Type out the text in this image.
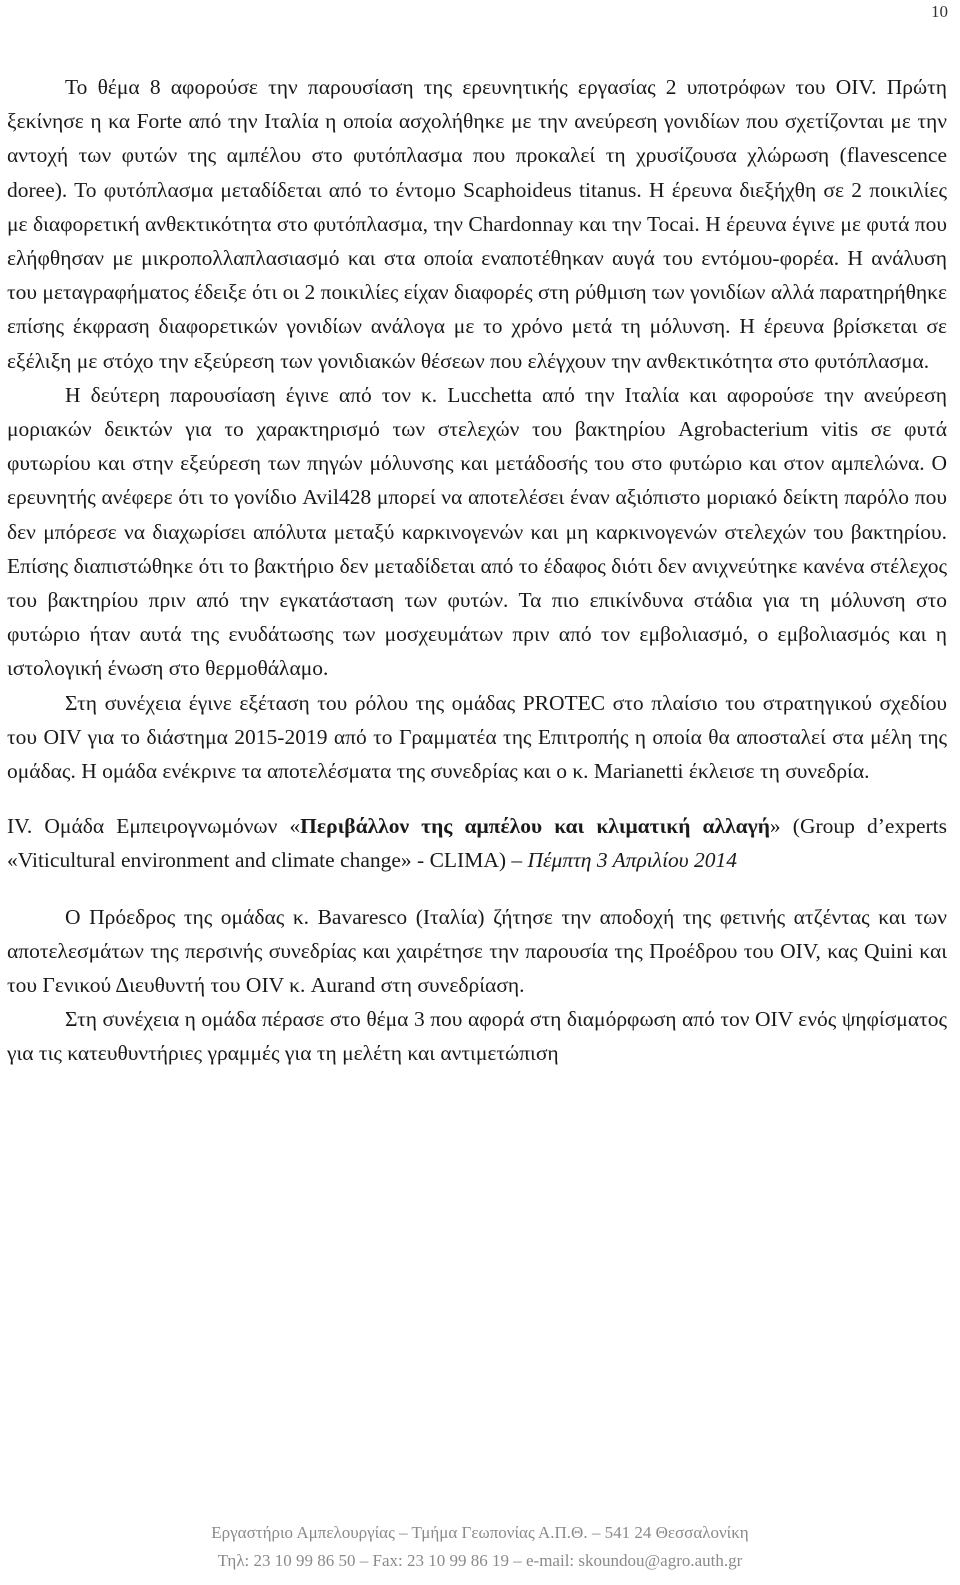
10

Το θέμα 8 αφορούσε την παρουσίαση της ερευνητικής εργασίας 2 υποτρόφων του OIV. Πρώτη ξεκίνησε η κα Forte από την Ιταλία η οποία ασχολήθηκε με την ανεύρεση γονιδίων που σχετίζονται με την αντοχή των φυτών της αμπέλου στο φυτόπλασμα που προκαλεί τη χρυσίζουσα χλώρωση (flavescence doree). Το φυτόπλασμα μεταδίδεται από το έντομο Scaphoideus titanus. Η έρευνα διεξήχθη σε 2 ποικιλίες με διαφορετική ανθεκτικότητα στο φυτόπλασμα, την Chardonnay και την Tocai. Η έρευνα έγινε με φυτά που ελήφθησαν με μικροπολλαπλασιασμό και στα οποία εναποτέθηκαν αυγά του εντόμου-φορέα. Η ανάλυση του μεταγραφήματος έδειξε ότι οι 2 ποικιλίες είχαν διαφορές στη ρύθμιση των γονιδίων αλλά παρατηρήθηκε επίσης έκφραση διαφορετικών γονιδίων ανάλογα με το χρόνο μετά τη μόλυνση. Η έρευνα βρίσκεται σε εξέλιξη με στόχο την εξεύρεση των γονιδιακών θέσεων που ελέγχουν την ανθεκτικότητα στο φυτόπλασμα.

Η δεύτερη παρουσίαση έγινε από τον κ. Lucchetta από την Ιταλία και αφορούσε την ανεύρεση μοριακών δεικτών για το χαρακτηρισμό των στελεχών του βακτηρίου Agrobacterium vitis σε φυτά φυτωρίου και στην εξεύρεση των πηγών μόλυνσης και μετάδοσής του στο φυτώριο και στον αμπελώνα. Ο ερευνητής ανέφερε ότι το γονίδιο Avil428 μπορεί να αποτελέσει έναν αξιόπιστο μοριακό δείκτη παρόλο που δεν μπόρεσε να διαχωρίσει απόλυτα μεταξύ καρκινογενών και μη καρκινογενών στελεχών του βακτηρίου. Επίσης διαπιστώθηκε ότι το βακτήριο δεν μεταδίδεται από το έδαφος διότι δεν ανιχνεύτηκε κανένα στέλεχος του βακτηρίου πριν από την εγκατάσταση των φυτών. Τα πιο επικίνδυνα στάδια για τη μόλυνση στο φυτώριο ήταν αυτά της ενυδάτωσης των μοσχευμάτων πριν από τον εμβολιασμό, ο εμβολιασμός και η ιστολογική ένωση στο θερμοθάλαμο.

Στη συνέχεια έγινε εξέταση του ρόλου της ομάδας PROTEC στο πλαίσιο του στρατηγικού σχεδίου του OIV για το διάστημα 2015-2019 από το Γραμματέα της Επιτροπής η οποία θα αποσταλεί στα μέλη της ομάδας. Η ομάδα ενέκρινε τα αποτελέσματα της συνεδρίας και ο κ. Marianetti έκλεισε τη συνεδρία.

IV. Ομάδα Εμπειρογνωμόνων «Περιβάλλον της αμπέλου και κλιματική αλλαγή» (Group d’experts «Viticultural environment and climate change» - CLIMA) – Πέμπτη 3 Απριλίου 2014

Ο Πρόεδρος της ομάδας κ. Bavaresco (Ιταλία) ζήτησε την αποδοχή της φετινής ατζέντας και των αποτελεσμάτων της περσινής συνεδρίας και χαιρέτησε την παρουσία της Προέδρου του OIV, κας Quini και του Γενικού Διευθυντή του OIV κ. Aurand στη συνεδρίαση.

Στη συνέχεια η ομάδα πέρασε στο θέμα 3 που αφορά στη διαμόρφωση από τον OIV ενός ψηφίσματος για τις κατευθυντήριες γραμμές για τη μελέτη και αντιμετώπιση

Εργαστήριο Αμπελουργίας – Τμήμα Γεωπονίας Α.Π.Θ. – 541 24 Θεσσαλονίκη
Τηλ: 23 10 99 86 50 – Fax: 23 10 99 86 19 – e-mail: skoundou@agro.auth.gr
